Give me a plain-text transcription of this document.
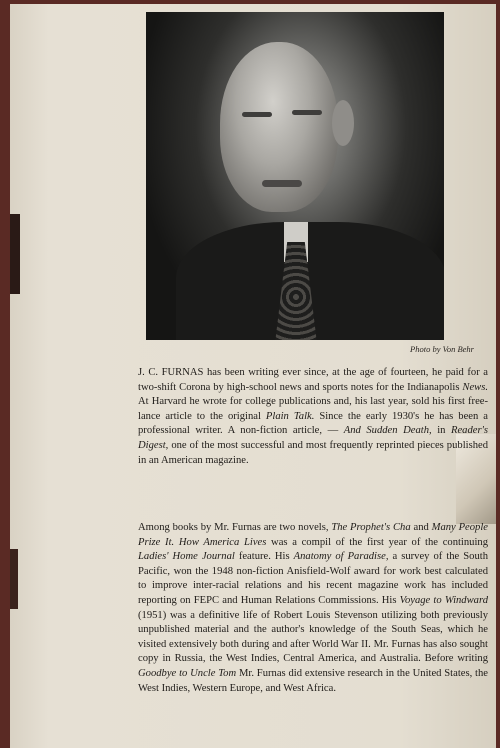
Photo by Von Behr

J. C. FURNAS has been writing ever since, at the age of fourteen, he paid for a two-shift Corona by high-school news and sports notes for the Indianapolis News. At Harvard he wrote for college publications and, his last year, sold his first free-lance article to the original Plain Talk. Since the early 1930's he has been a professional writer. A non-fiction article, — And Sudden Death, in Reader's Digest, one of the most successful and most frequently reprinted pieces published in an American magazine.

Among books by Mr. Furnas are two novels, The Prophet's Cha and Many People Prize It. How America Lives was a compil of the first year of the continuing Ladies' Home Journal feature. His Anatomy of Paradise, a survey of the South Pacific, won the 1948 non-fiction Anisfield-Wolf award for work best calculated to improve inter-racial relations and his recent magazine work has included reporting on FEPC and Human Relations Commissions. His Voyage to Windward (1951) was a definitive life of Robert Louis Stevenson utilizing both previously unpublished material and the author's knowledge of the South Seas, which he visited extensively both during and after World War II. Mr. Furnas has also sought copy in Russia, the West Indies, Central America, and Australia. Before writing Goodbye to Uncle Tom Mr. Furnas did extensive research in the United States, the West Indies, Western Europe, and West Africa.
